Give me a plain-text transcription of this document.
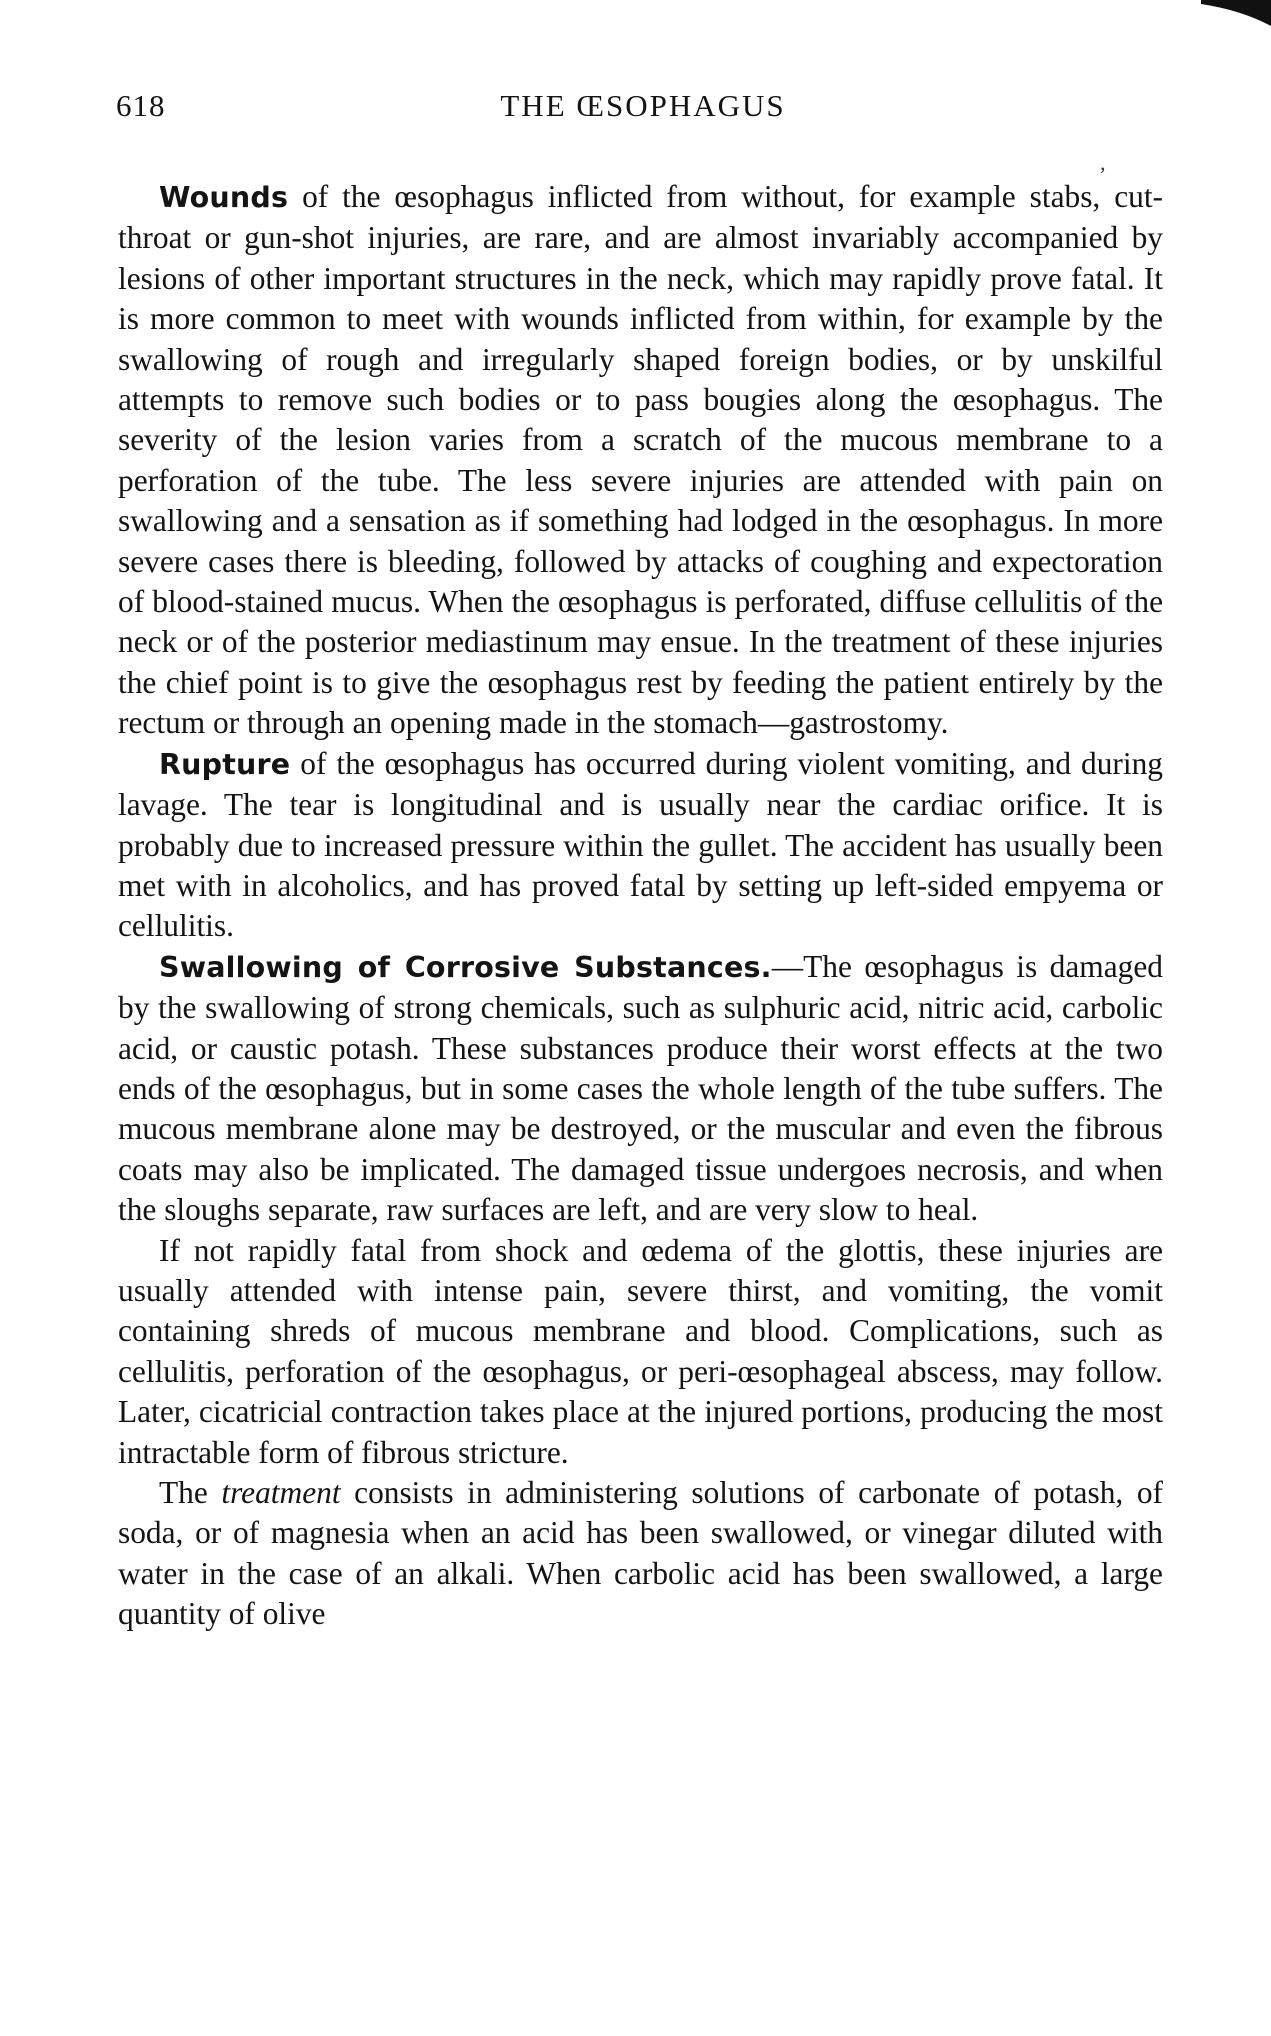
618	THE ŒSOPHAGUS
,

Wounds of the œsophagus inflicted from without, for example stabs, cut-throat or gun-shot injuries, are rare, and are almost invariably accompanied by lesions of other important structures in the neck, which may rapidly prove fatal. It is more common to meet with wounds inflicted from within, for example by the swallowing of rough and irregularly shaped foreign bodies, or by unskilful attempts to remove such bodies or to pass bougies along the œsophagus. The severity of the lesion varies from a scratch of the mucous membrane to a perforation of the tube. The less severe injuries are attended with pain on swallowing and a sensation as if something had lodged in the œsophagus. In more severe cases there is bleeding, followed by attacks of coughing and expectoration of blood-stained mucus. When the œsophagus is perforated, diffuse cellulitis of the neck or of the posterior mediastinum may ensue. In the treatment of these injuries the chief point is to give the œsophagus rest by feeding the patient entirely by the rectum or through an opening made in the stomach—gastrostomy.

Rupture of the œsophagus has occurred during violent vomiting, and during lavage. The tear is longitudinal and is usually near the cardiac orifice. It is probably due to increased pressure within the gullet. The accident has usually been met with in alcoholics, and has proved fatal by setting up left-sided empyema or cellulitis.

Swallowing of Corrosive Substances.—The œsophagus is damaged by the swallowing of strong chemicals, such as sulphuric acid, nitric acid, carbolic acid, or caustic potash. These substances produce their worst effects at the two ends of the œsophagus, but in some cases the whole length of the tube suffers. The mucous membrane alone may be destroyed, or the muscular and even the fibrous coats may also be implicated. The damaged tissue undergoes necrosis, and when the sloughs separate, raw surfaces are left, and are very slow to heal.

If not rapidly fatal from shock and œdema of the glottis, these injuries are usually attended with intense pain, severe thirst, and vomiting, the vomit containing shreds of mucous membrane and blood. Complications, such as cellulitis, perforation of the œsophagus, or peri-œsophageal abscess, may follow. Later, cicatricial contraction takes place at the injured portions, producing the most intractable form of fibrous stricture.

The treatment consists in administering solutions of carbonate of potash, of soda, or of magnesia when an acid has been swallowed, or vinegar diluted with water in the case of an alkali. When carbolic acid has been swallowed, a large quantity of olive
